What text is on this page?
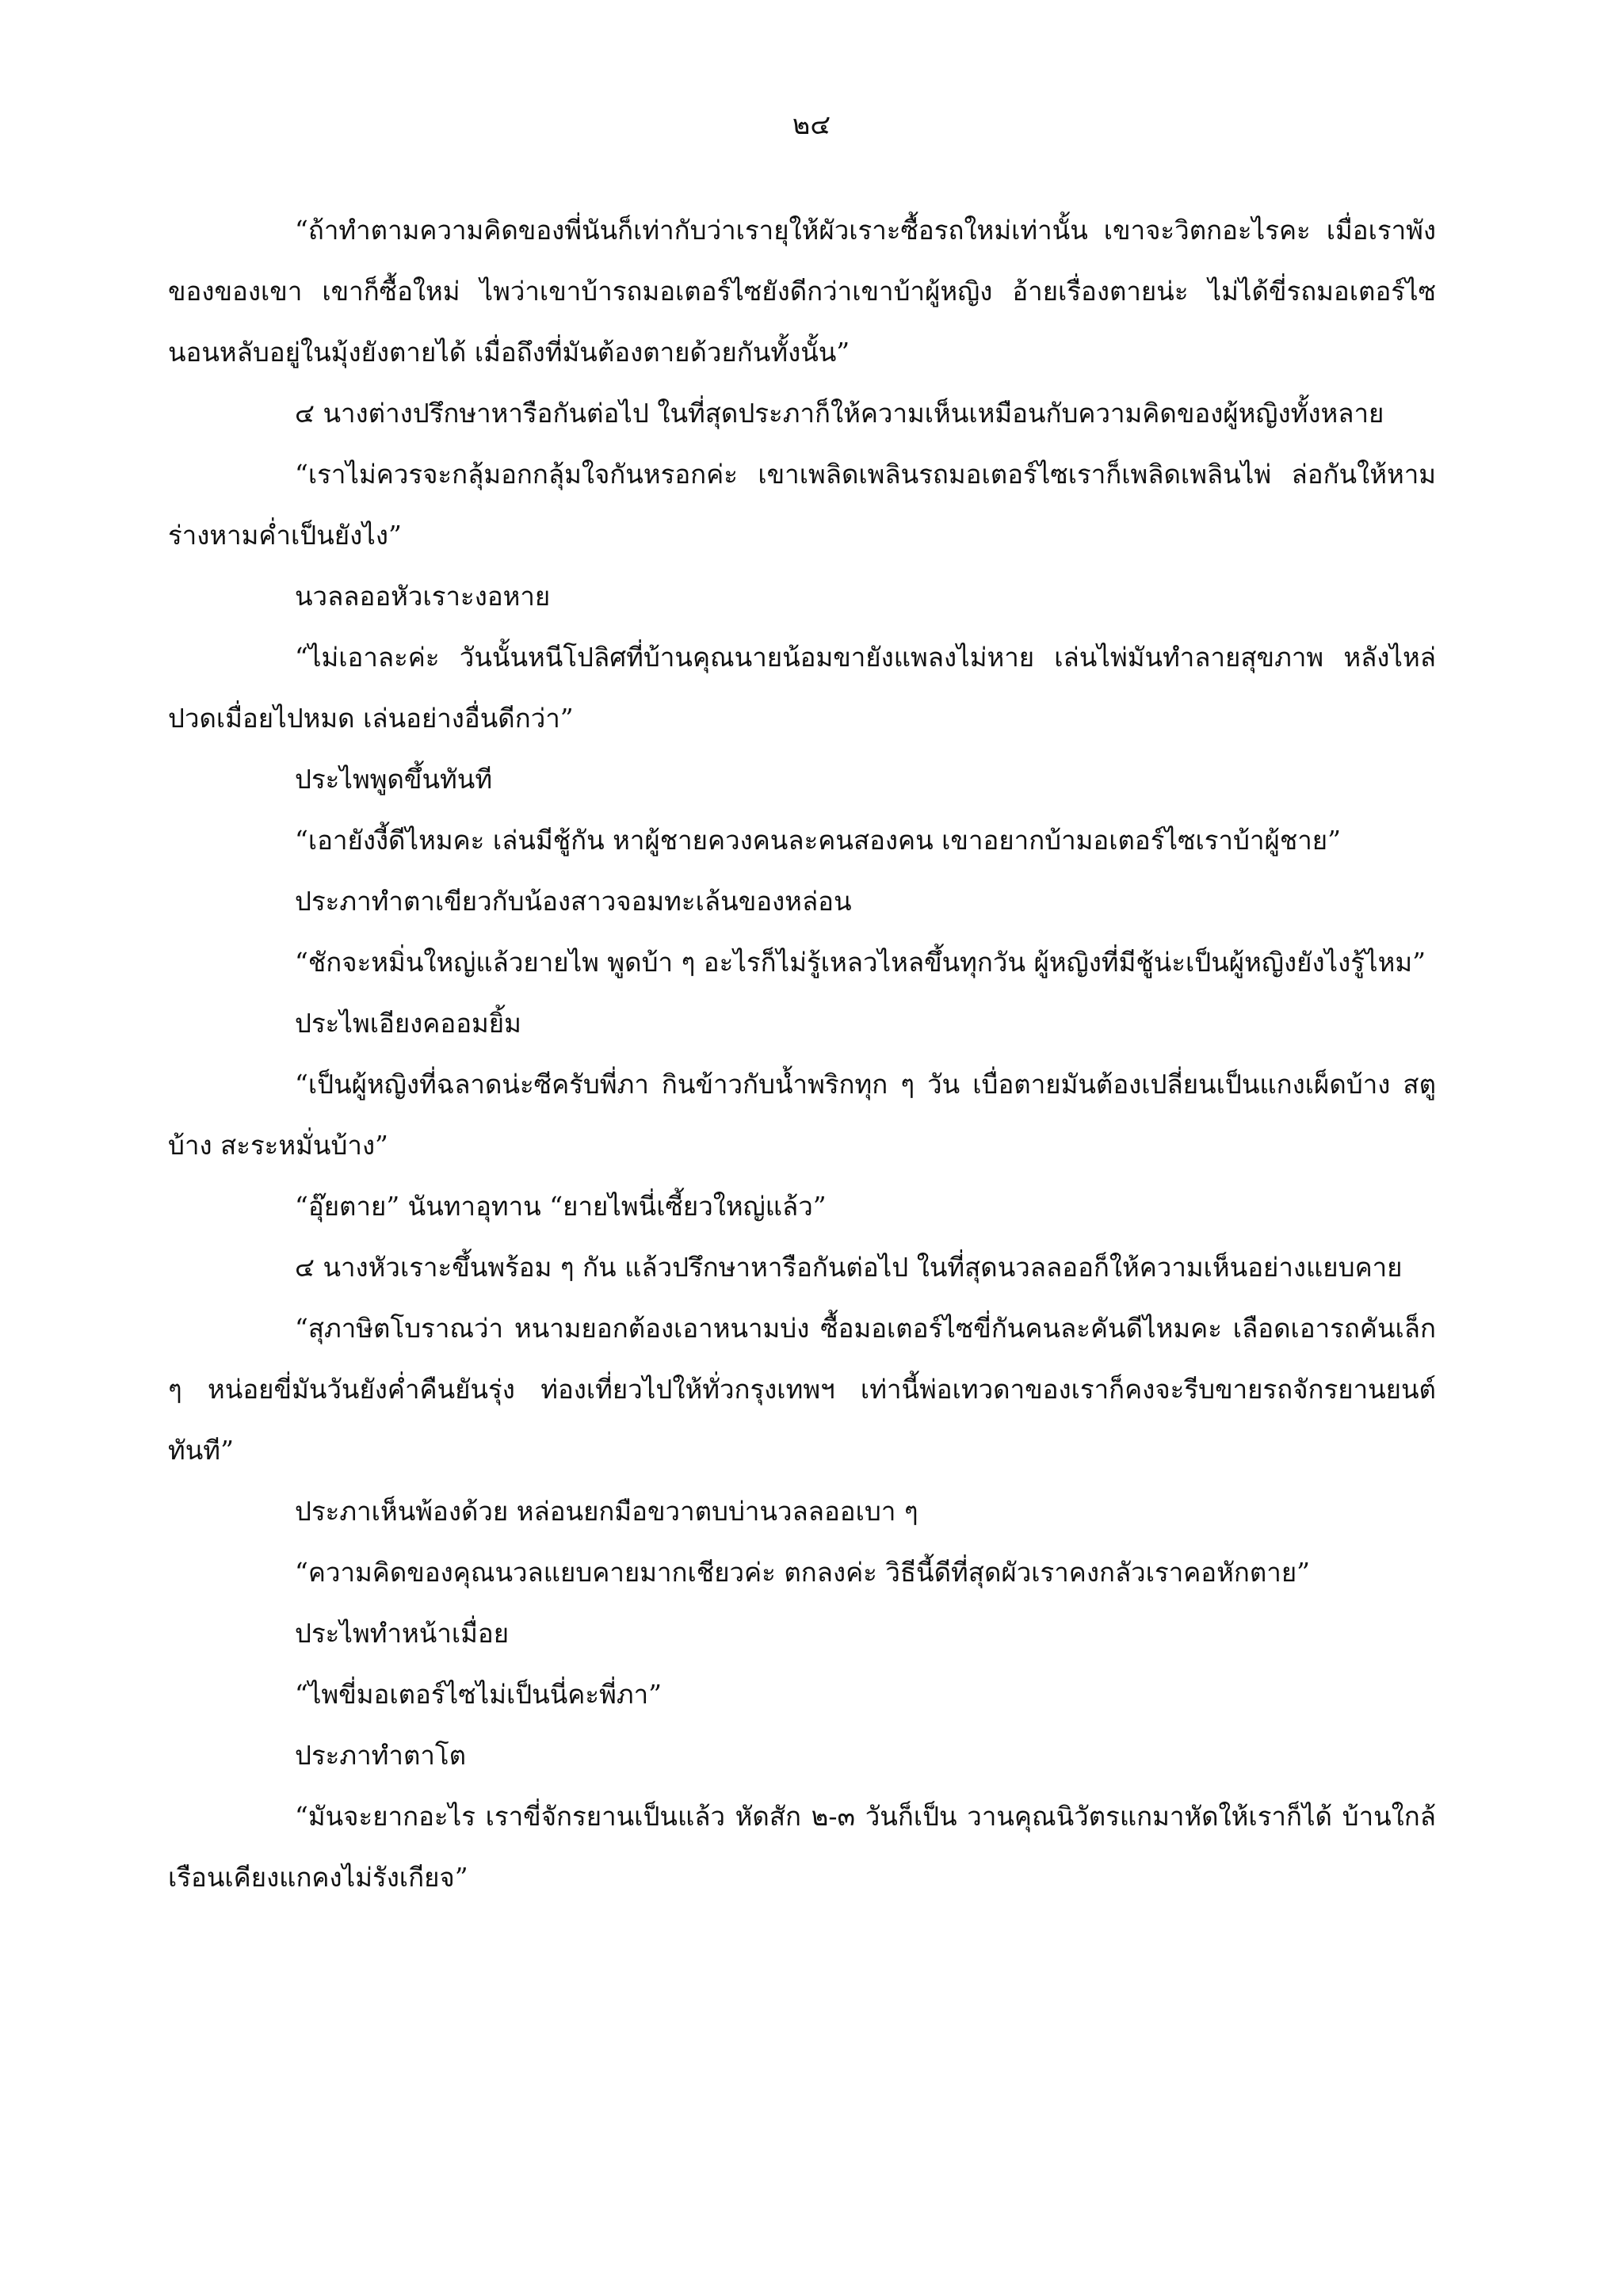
๒๔

“ถ้าทำตามความคิดของพี่นันก็เท่ากับว่าเรายุให้ผัวเราะซื้อรถใหม่เท่านั้น เขาจะวิตกอะไรคะ เมื่อเราพังของของเขา เขาก็ซื้อใหม่ ไพว่าเขาบ้ารถมอเตอร์ไซยังดีกว่าเขาบ้าผู้หญิง อ้ายเรื่องตายน่ะ ไม่ได้ขี่รถมอเตอร์ไซนอนหลับอยู่ในมุ้งยังตายได้ เมื่อถึงที่มันต้องตายด้วยกันทั้งนั้น”

๔ นางต่างปรึกษาหารือกันต่อไป ในที่สุดประภาก็ให้ความเห็นเหมือนกับความคิดของผู้หญิงทั้งหลาย

“เราไม่ควรจะกลุ้มอกกลุ้มใจกันหรอกค่ะ เขาเพลิดเพลินรถมอเตอร์ไซเราก็เพลิดเพลินไพ่ ล่อกันให้หามร่างหามค่ำเป็นยังไง”

นวลลออหัวเราะงอหาย

“ไม่เอาละค่ะ วันนั้นหนีโปลิศที่บ้านคุณนายน้อมขายังแพลงไม่หาย เล่นไพ่มันทำลายสุขภาพ หลังไหล่ปวดเมื่อยไปหมด เล่นอย่างอื่นดีกว่า”

ประไพพูดขึ้นทันที

“เอายังงี้ดีไหมคะ เล่นมีชู้กัน หาผู้ชายควงคนละคนสองคน เขาอยากบ้ามอเตอร์ไซเราบ้าผู้ชาย”

ประภาทำตาเขียวกับน้องสาวจอมทะเล้นของหล่อน

“ชักจะหมิ่นใหญ่แล้วยายไพ พูดบ้า ๆ อะไรก็ไม่รู้เหลวไหลขึ้นทุกวัน ผู้หญิงที่มีชู้น่ะเป็นผู้หญิงยังไงรู้ไหม”

ประไพเอียงคออมยิ้ม

“เป็นผู้หญิงที่ฉลาดน่ะซีครับพี่ภา กินข้าวกับน้ำพริกทุก ๆ วัน เบื่อตายมันต้องเปลี่ยนเป็นแกงเผ็ดบ้าง สตูบ้าง สะระหมั่นบ้าง”

“อุ๊ยตาย” นันทาอุทาน “ยายไพนี่เซี้ยวใหญ่แล้ว”

๔ นางหัวเราะขึ้นพร้อม ๆ กัน แล้วปรึกษาหารือกันต่อไป ในที่สุดนวลลออก็ให้ความเห็นอย่างแยบคาย

“สุภาษิตโบราณว่า หนามยอกต้องเอาหนามบ่ง ซื้อมอเตอร์ไซขี่กันคนละคันดีไหมคะ เลือดเอารถคันเล็ก ๆ หน่อยขี่มันวันยังค่ำคืนยันรุ่ง ท่องเที่ยวไปให้ทั่วกรุงเทพฯ เท่านี้พ่อเทวดาของเราก็คงจะรีบขายรถจักรยานยนต์ทันที”

ประภาเห็นพ้องด้วย หล่อนยกมือขวาตบบ่านวลลออเบา ๆ

“ความคิดของคุณนวลแยบคายมากเชียวค่ะ ตกลงค่ะ วิธีนี้ดีที่สุดผัวเราคงกลัวเราคอหักตาย”

ประไพทำหน้าเมื่อย

“ไพขี่มอเตอร์ไซไม่เป็นนี่คะพี่ภา”

ประภาทำตาโต

“มันจะยากอะไร เราขี่จักรยานเป็นแล้ว หัดสัก ๒-๓ วันก็เป็น วานคุณนิวัตรแกมาหัดให้เราก็ได้ บ้านใกล้เรือนเคียงแกคงไม่รังเกียจ”
